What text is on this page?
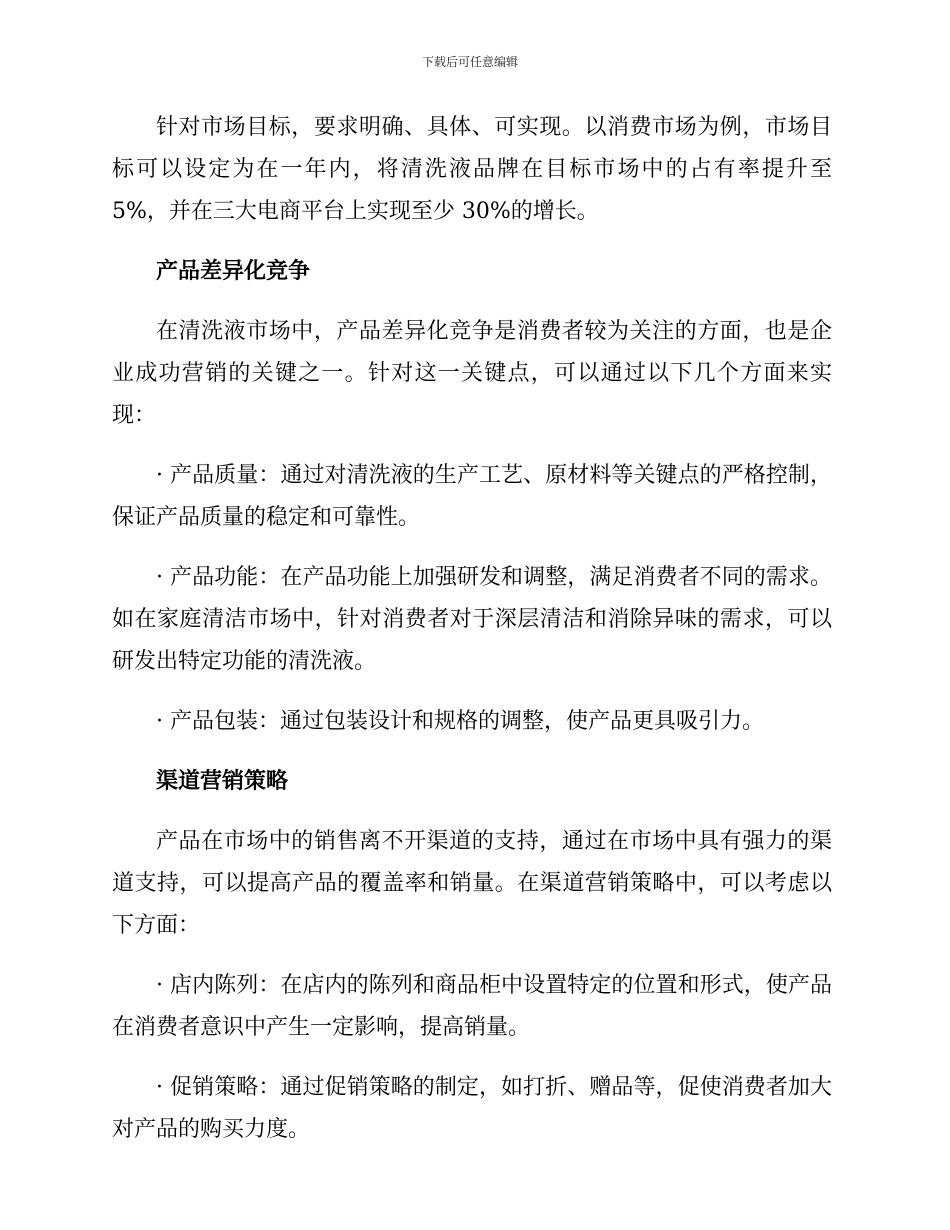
下载后可任意编辑

针对市场目标，要求明确、具体、可实现。以消费市场为例，市场目标可以设定为在一年内，将清洗液品牌在目标市场中的占有率提升至 5%，并在三大电商平台上实现至少 30%的增长。

产品差异化竞争

在清洗液市场中，产品差异化竞争是消费者较为关注的方面，也是企业成功营销的关键之一。针对这一关键点，可以通过以下几个方面来实现：

· 产品质量：通过对清洗液的生产工艺、原材料等关键点的严格控制，保证产品质量的稳定和可靠性。

· 产品功能：在产品功能上加强研发和调整，满足消费者不同的需求。如在家庭清洁市场中，针对消费者对于深层清洁和消除异味的需求，可以研发出特定功能的清洗液。

· 产品包装：通过包装设计和规格的调整，使产品更具吸引力。

渠道营销策略

产品在市场中的销售离不开渠道的支持，通过在市场中具有强力的渠道支持，可以提高产品的覆盖率和销量。在渠道营销策略中，可以考虑以下方面：

· 店内陈列：在店内的陈列和商品柜中设置特定的位置和形式，使产品在消费者意识中产生一定影响，提高销量。

· 促销策略：通过促销策略的制定，如打折、赠品等，促使消费者加大对产品的购买力度。
